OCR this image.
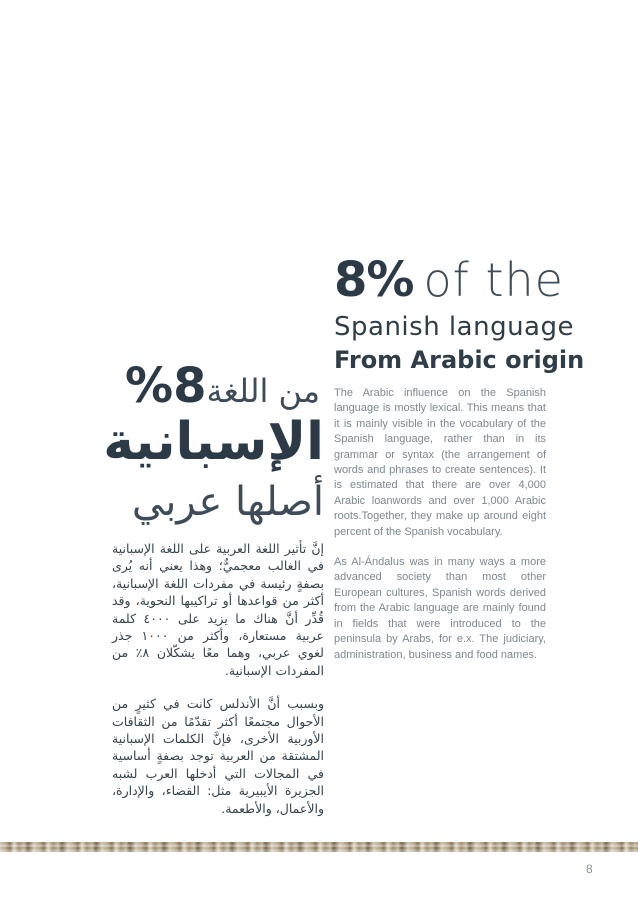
8% of the
Spanish language
From Arabic origin

The Arabic influence on the Spanish language is mostly lexical. This means that it is mainly visible in the vocabulary of the Spanish language, rather than in its grammar or syntax (the arrangement of words and phrases to create sentences). It is estimated that there are over 4,000 Arabic loanwords and over 1,000 Arabic roots.Together, they make up around eight percent of the Spanish vocabulary.

As Al-Ándalus was in many ways a more advanced society than most other European cultures, Spanish words derived from the Arabic language are mainly found in fields that were introduced to the peninsula by Arabs, for e.x. The judiciary, administration, business and food names.

من اللغة8%
الإسبانية
أصلها عربي

إنَّ تأثير اللغة العربية على اللغة الإسبانية في الغالب معجميٌّ؛ وهذا يعني أنه يُرى بصفةٍ رئيسة في مفردات اللغة الإسبانية، أكثر من قواعدها أو تراكيبها النحوية، وقد قُدِّر أنَّ هناك ما يزيد على ٤٠٠٠ كلمة عربية مستعارة، وأكثر من ١٠٠٠ جذر لغوي عربي، وهما معًا يشكّلان ٨٪ من المفردات الإسبانية.

وبسبب أنَّ الأندلس كانت في كثيرٍ من الأحوال مجتمعًا أكثر تقدّمًا من الثقافات الأوربية الأخرى، فإنَّ الكلمات الإسبانية المشتقة من العربية توجد بصفةٍ أساسية في المجالات التي أدخلها العرب لشبه الجزيرة الأيبيرية مثل: القضاء، والإدارة، والأعمال، والأطعمة.

8
